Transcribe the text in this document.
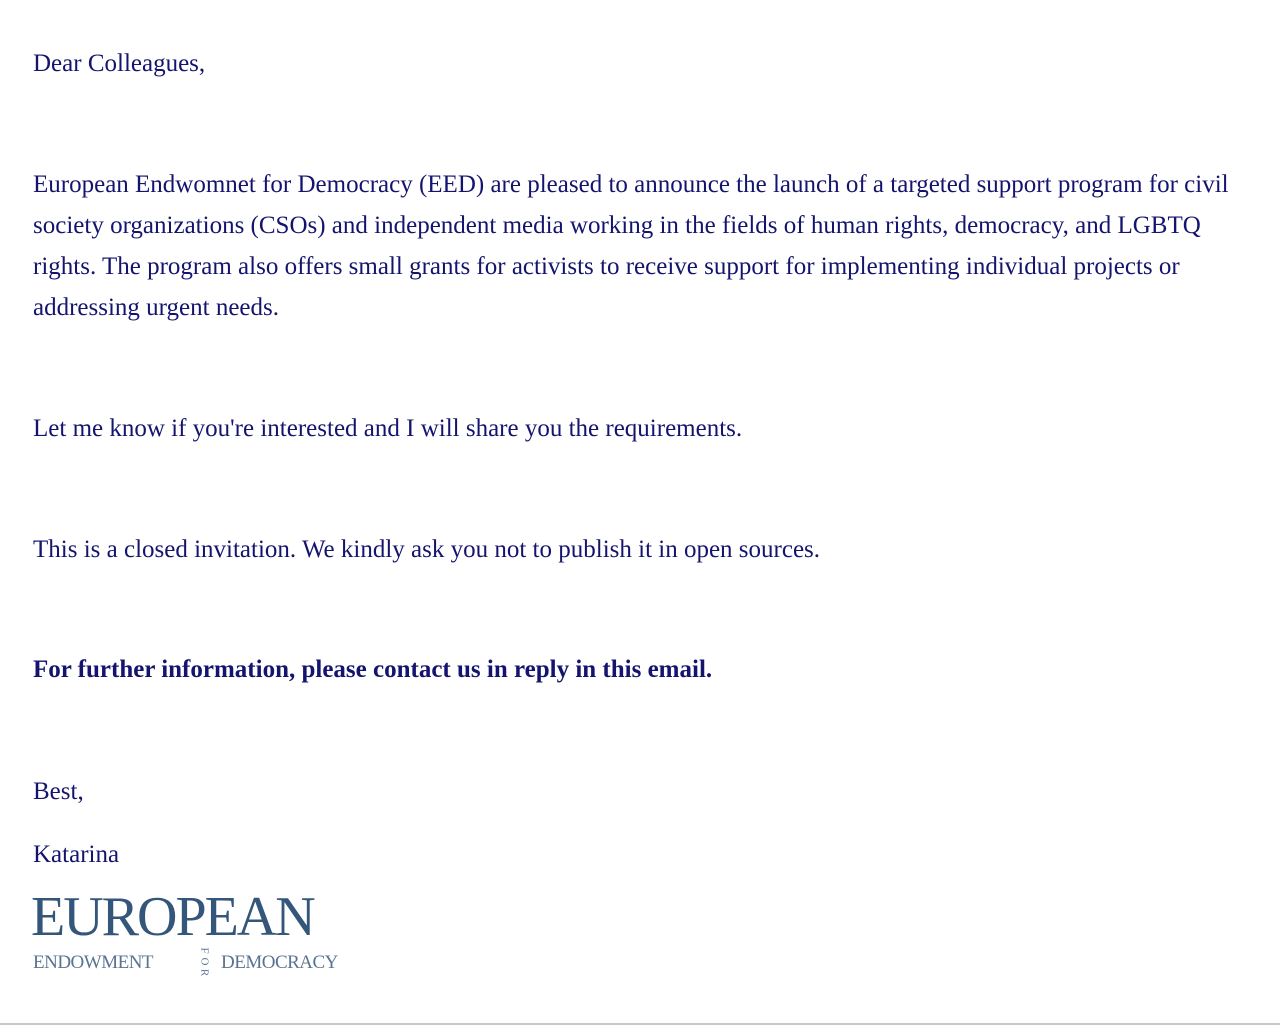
Dear Colleagues,

European Endwomnet for Democracy (EED) are pleased to announce the launch of a targeted support program for civil society organizations (CSOs) and independent media working in the fields of human rights, democracy, and LGBTQ rights. The program also offers small grants for activists to receive support for implementing individual projects or addressing urgent needs.

Let me know if you're interested and I will share you the requirements.

This is a closed invitation. We kindly ask you not to publish it in open sources.

For further information, please contact us in reply in this email.

Best,

Katarina

EUROPEAN
ENDOWMENT
F
O
R DEMOCRACY
